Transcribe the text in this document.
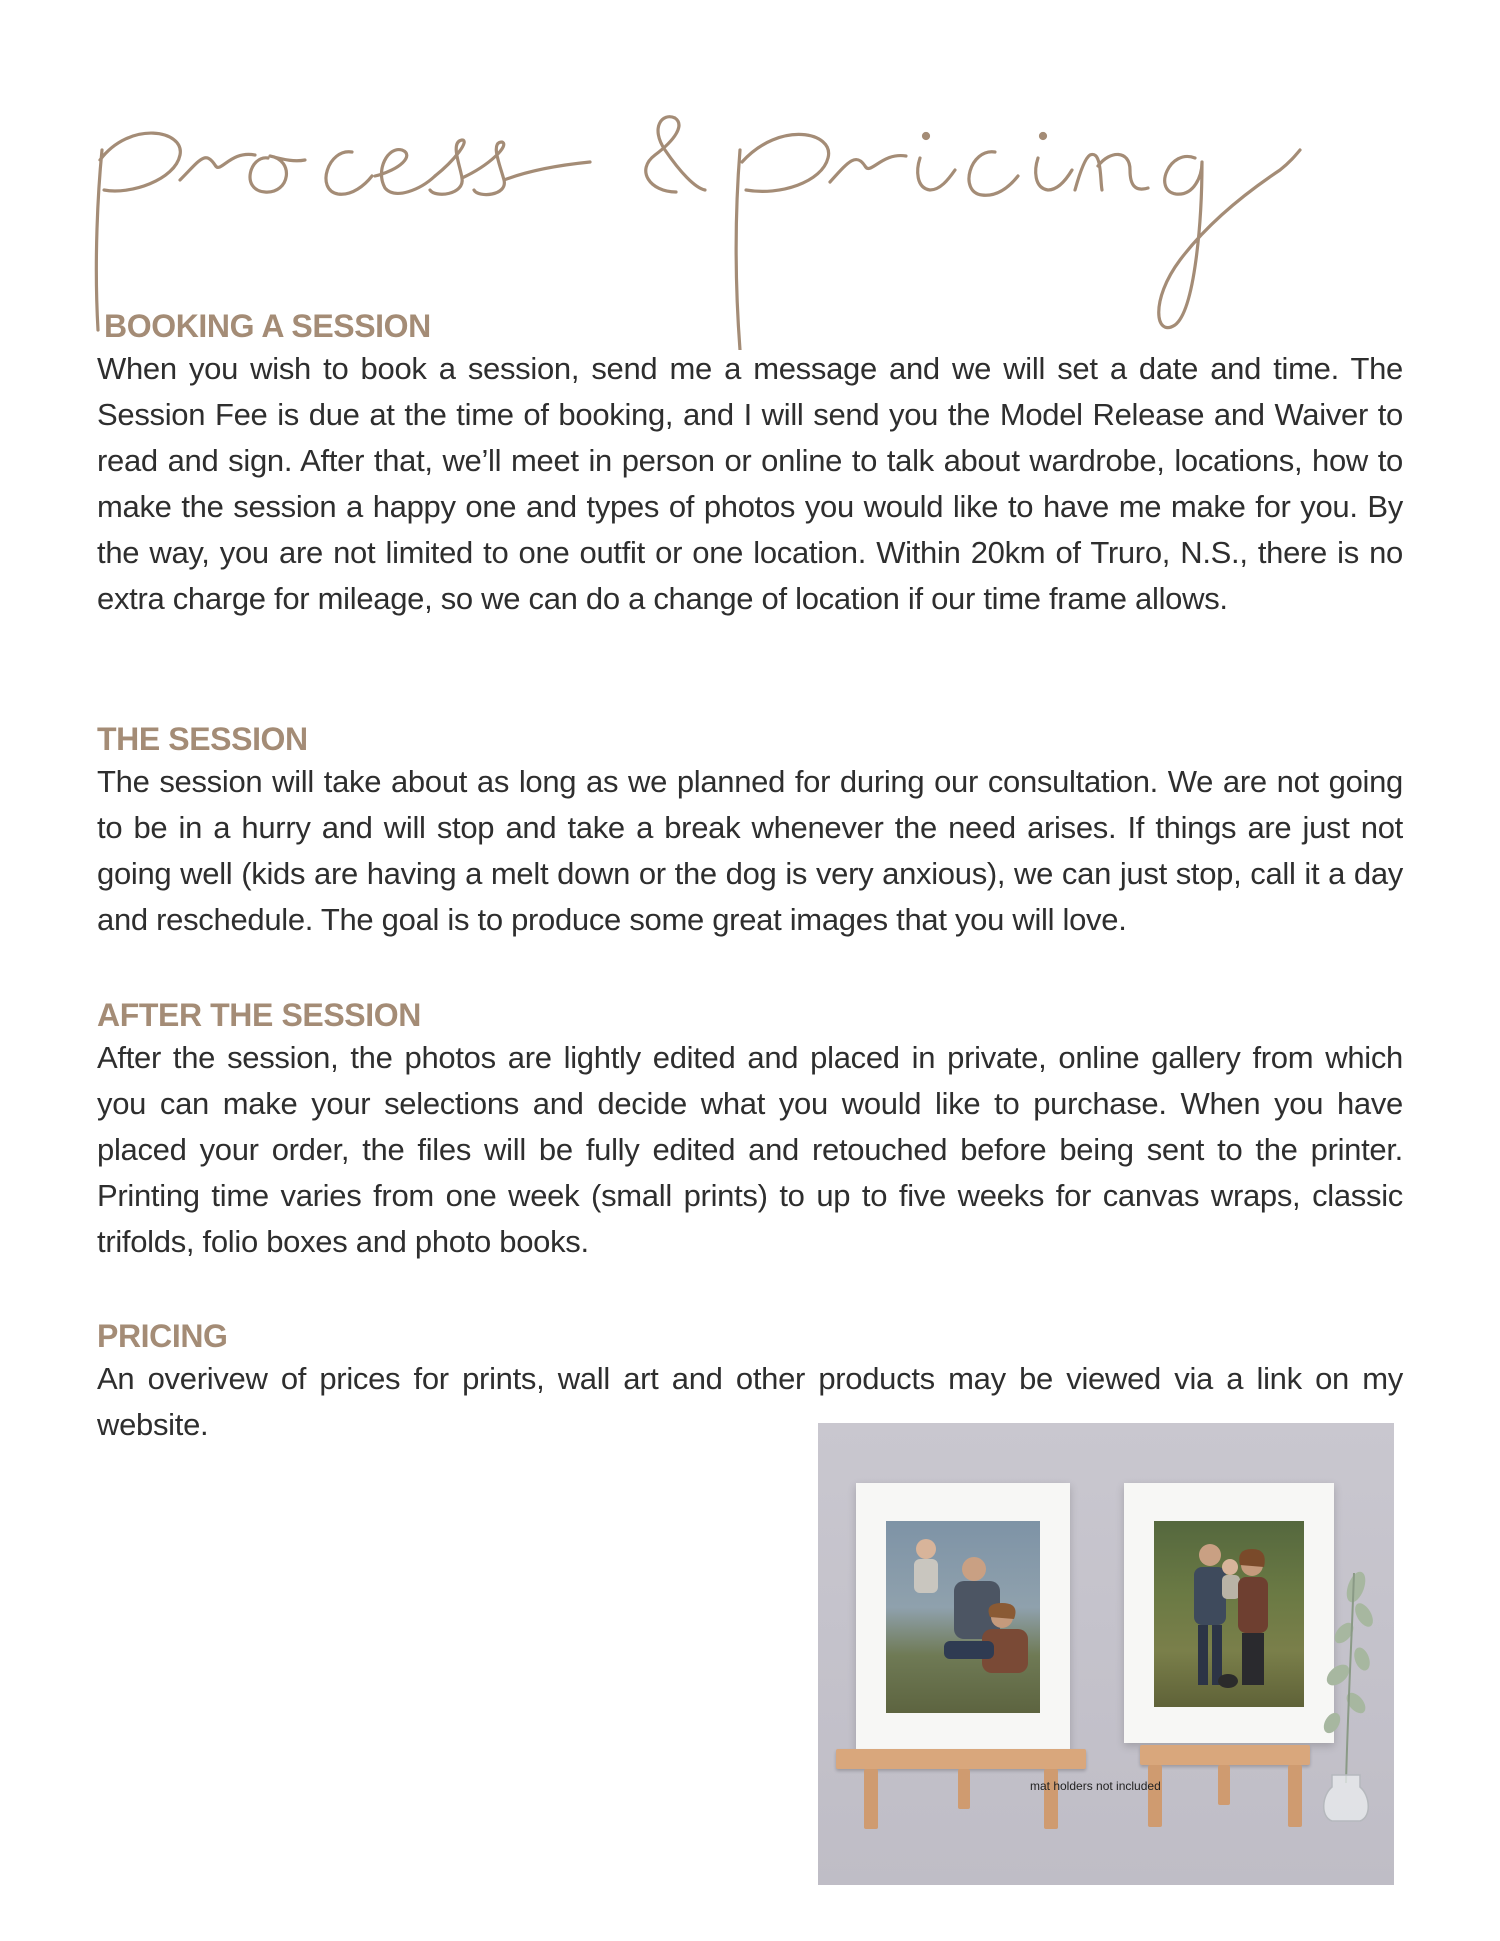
BOOKING A SESSION

When you wish to book a session, send me a message and we will set a date and time. The Session Fee is due at the time of booking, and I will send you the Model Release and Waiver to read and sign. After that, we’ll meet in person or online to talk about wardrobe, locations, how to make the session a happy one and types of photos you would like to have me make for you. By the way, you are not limited to one outfit or one location. Within 20km of Truro, N.S., there is no extra charge for mileage, so we can do a change of location if our time frame allows.

THE SESSION

The session will take about as long as we planned for during our consultation. We are not going to be in a hurry and will stop and take a break whenever the need arises. If things are just not going well (kids are having a melt down or the dog is very anxious), we can just stop, call it a day and reschedule. The goal is to produce some great images that you will love.

AFTER THE SESSION

After the session, the photos are lightly edited and placed in private, online gallery from which you can make your selections and decide what you would like to purchase. When you have placed your order, the files will be fully edited and retouched before being sent to the printer. Printing time varies from one week (small prints) to up to five weeks for canvas wraps, classic trifolds, folio boxes and photo books.

PRICING

An overivew of prices for prints, wall art and other products may be viewed via a link on my website.

mat holders not included
